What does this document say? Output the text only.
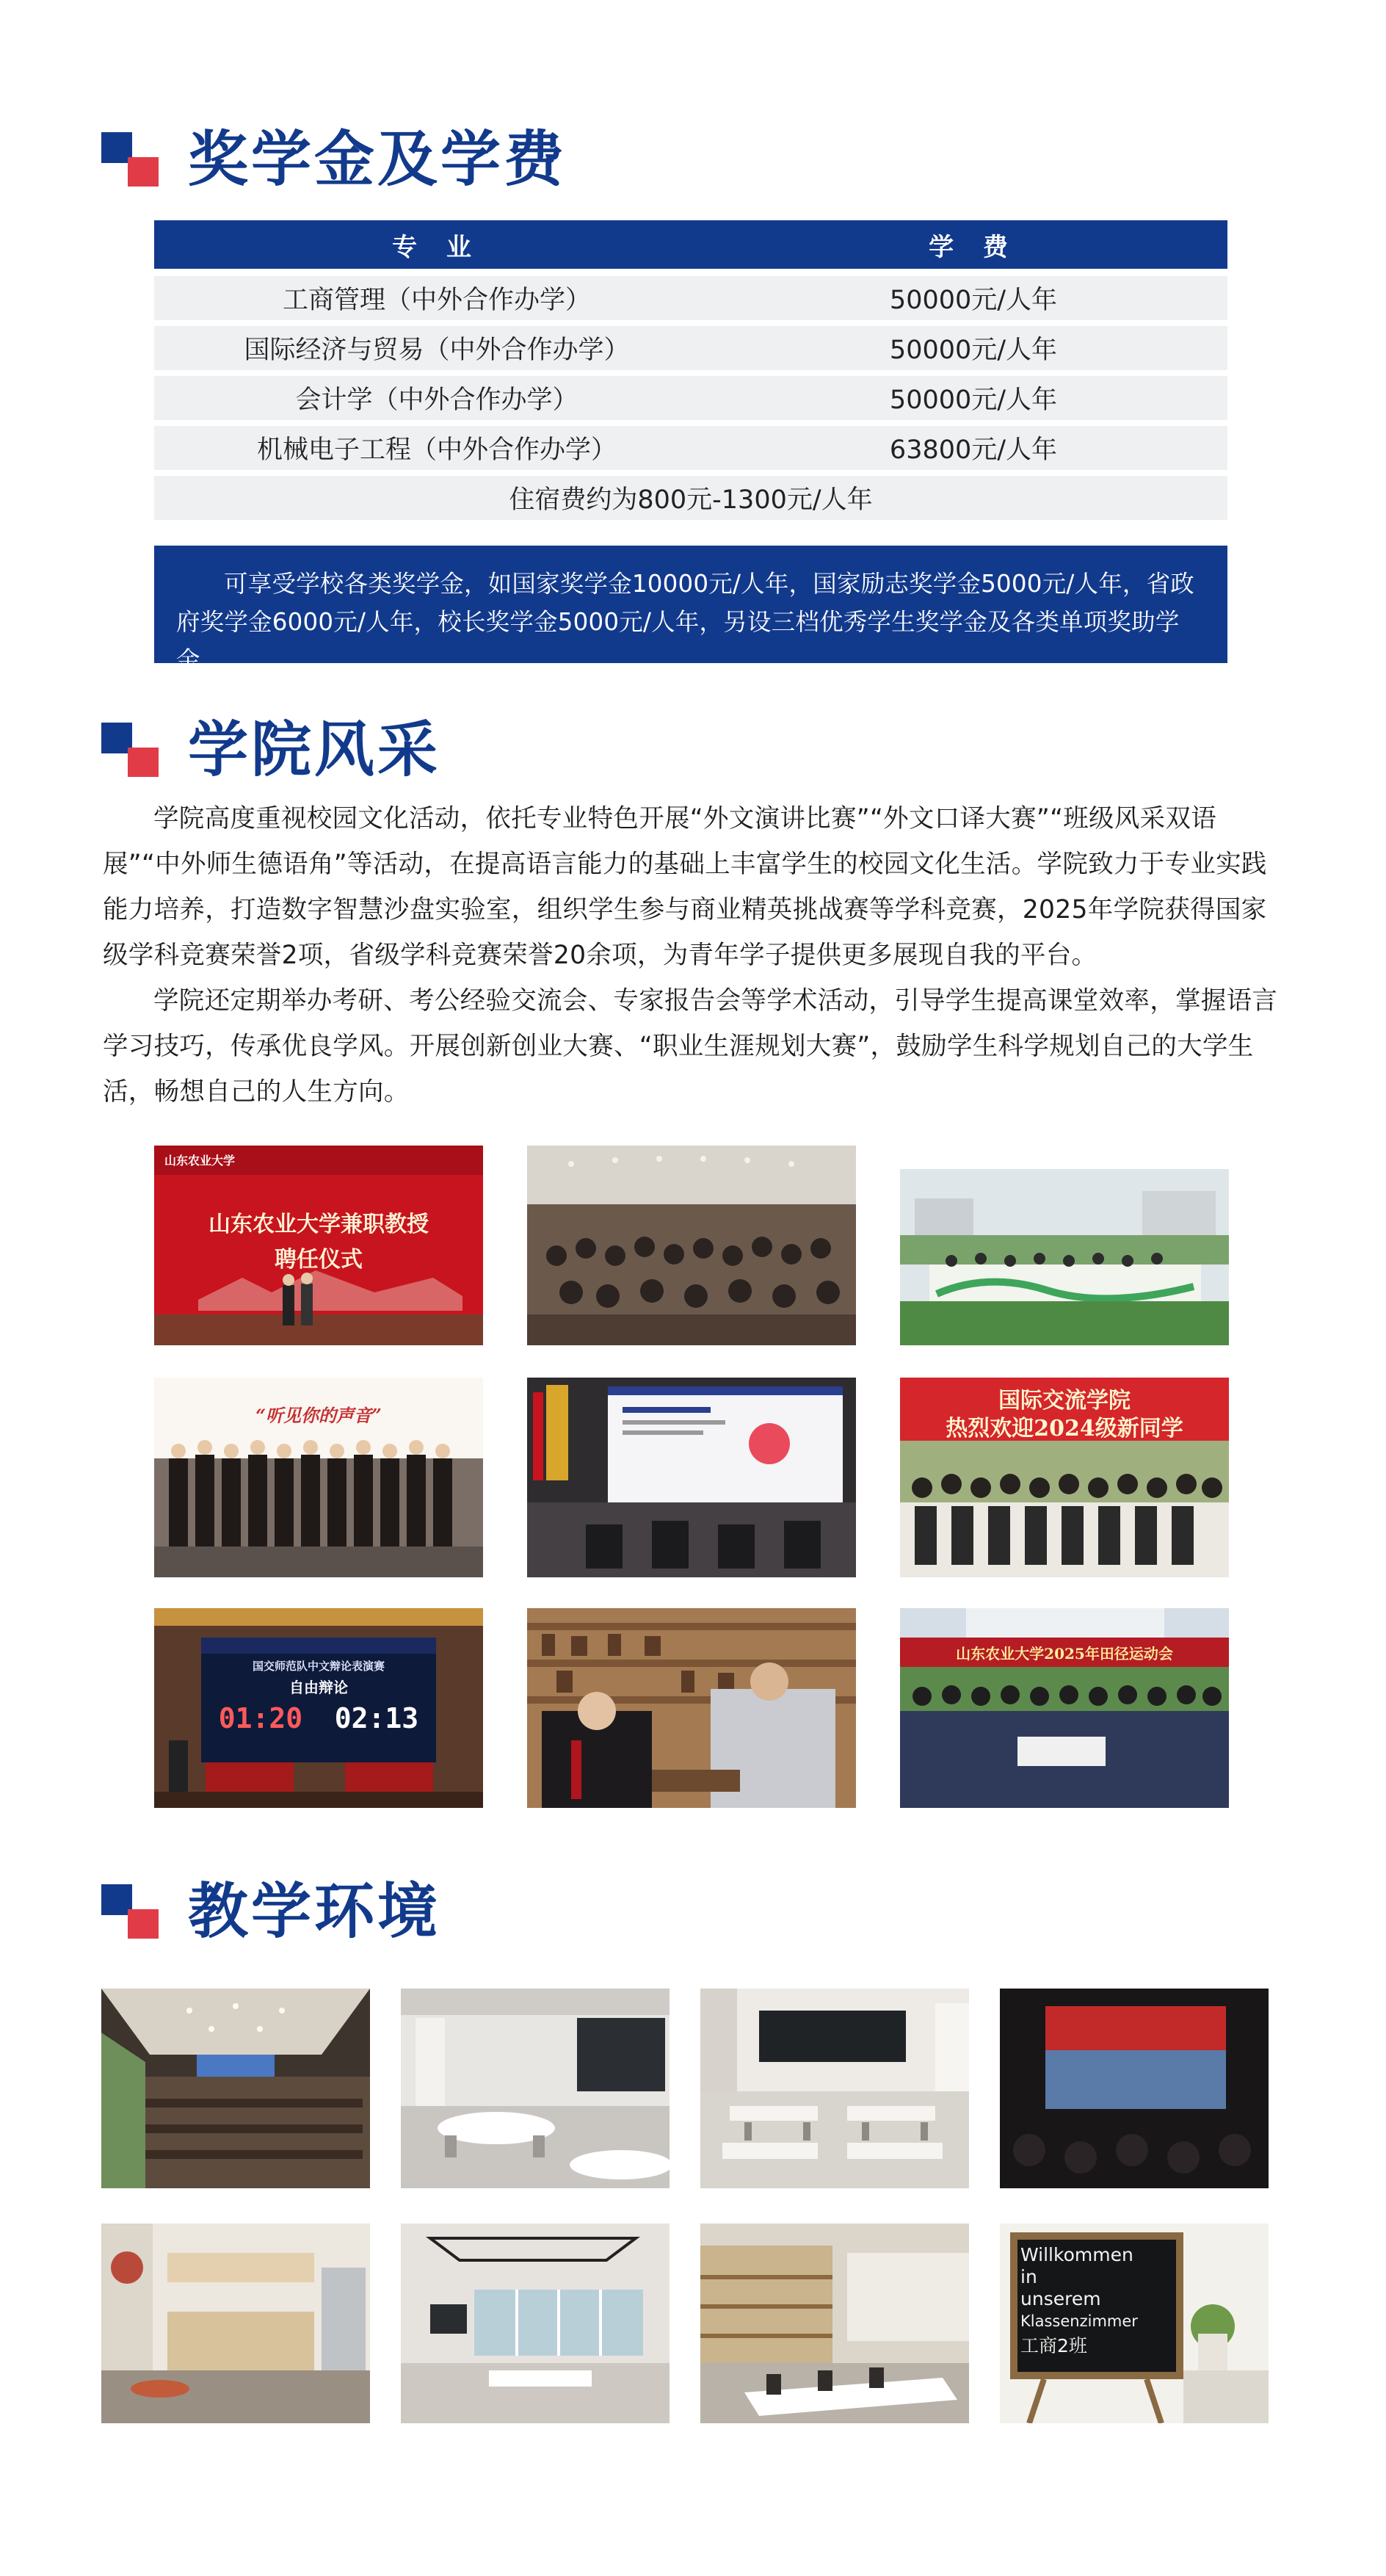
奖学金及学费
专 业	学 费
工商管理（中外合作办学）	50000元/人年
国际经济与贸易（中外合作办学）	50000元/人年
会计学（中外合作办学）	50000元/人年
机械电子工程（中外合作办学）	63800元/人年
住宿费约为800元-1300元/人年
可享受学校各类奖学金，如国家奖学金10000元/人年，国家励志奖学金5000元/人年，省政府奖学金6000元/人年，校长奖学金5000元/人年，另设三档优秀学生奖学金及各类单项奖助学金。
学院风采
学院高度重视校园文化活动，依托专业特色开展“外文演讲比赛”“外文口译大赛”“班级风采双语展”“中外师生德语角”等活动，在提高语言能力的基础上丰富学生的校园文化生活。学院致力于专业实践能力培养，打造数字智慧沙盘实验室，组织学生参与商业精英挑战赛等学科竞赛，2025年学院获得国家级学科竞赛荣誉2项，省级学科竞赛荣誉20余项，为青年学子提供更多展现自我的平台。
学院还定期举办考研、考公经验交流会、专家报告会等学术活动，引导学生提高课堂效率，掌握语言学习技巧，传承优良学风。开展创新创业大赛、“职业生涯规划大赛”，鼓励学生科学规划自己的大学生活，畅想自己的人生方向。
山东农业大学
山东农业大学兼职教授
聘任仪式
“听见你的声音”
国际交流学院
热烈欢迎2024级新同学
国交师范队中文辩论表演赛
自由辩论
01:20	02:13
山东农业大学2025年田径运动会
教学环境
Willkommen
in
unserem
Klassenzimmer
工商2班
